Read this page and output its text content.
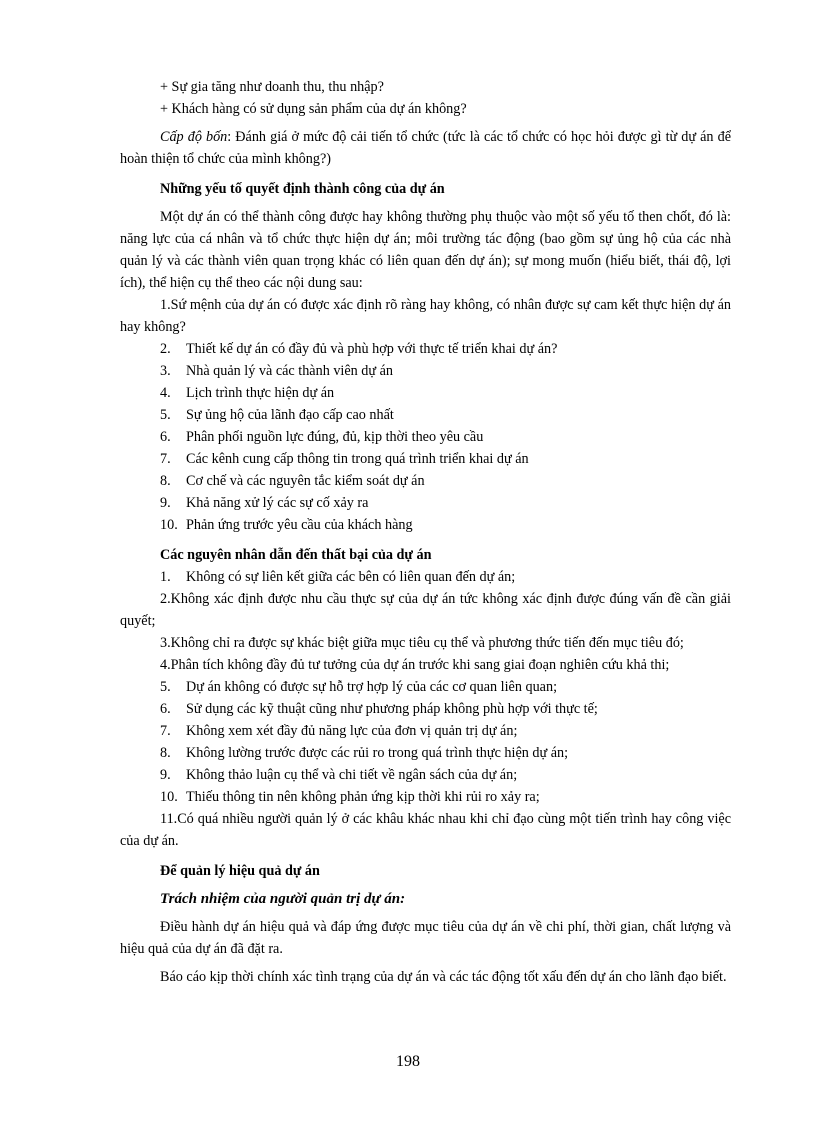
+ Sự gia tăng như doanh thu, thu nhập?

+ Khách hàng có sử dụng sản phẩm của dự án không?

Cấp độ bốn: Đánh giá ở mức độ cải tiến tổ chức (tức là các tổ chức có học hỏi được gì từ dự án để hoàn thiện tổ chức của mình không?)

Những yếu tố quyết định thành công của dự án

Một dự án có thể thành công được hay không thường phụ thuộc vào một số yếu tố then chốt, đó là: năng lực của cá nhân và tổ chức thực hiện dự án; môi trường tác động (bao gồm sự ủng hộ của các nhà quản lý và các thành viên quan trọng khác có liên quan đến dự án); sự mong muốn (hiểu biết, thái độ, lợi ích), thể hiện cụ thể theo các nội dung sau:

1.Sứ mệnh của dự án có được xác định rõ ràng hay không, có nhân được sự cam kết thực hiện dự án hay không?

2. Thiết kế dự án có đầy đủ và phù hợp với thực tế triển khai dự án?

3. Nhà quản lý và các thành viên dự án

4. Lịch trình thực hiện dự án

5. Sự ủng hộ của lãnh đạo cấp cao nhất

6. Phân phối nguồn lực đúng, đủ, kịp thời theo yêu cầu

7. Các kênh cung cấp thông tin trong quá trình triển khai dự án

8. Cơ chế và các nguyên tắc kiểm soát dự án

9. Khả năng xử lý các sự cố xảy ra

10. Phản ứng trước yêu cầu của khách hàng

Các nguyên nhân dẫn đến thất bại của dự án

1. Không có sự liên kết giữa các bên có liên quan đến dự án;

2.Không xác định được nhu cầu thực sự của dự án tức không xác định được đúng vấn đề cần giải quyết;

3.Không chỉ ra được sự khác biệt giữa mục tiêu cụ thể và phương thức tiến đến mục tiêu đó;

4.Phân tích không đầy đủ tư tưởng của dự án trước khi sang giai đoạn nghiên cứu khả thi;

5. Dự án không có được sự hỗ trợ hợp lý của các cơ quan liên quan;

6. Sử dụng các kỹ thuật cũng như phương pháp không phù hợp với thực tế;

7. Không xem xét đầy đủ năng lực của đơn vị quản trị dự án;

8. Không lường trước được các rủi ro trong quá trình thực hiện dự án;

9. Không thảo luận cụ thể và chi tiết về ngân sách của dự án;

10. Thiếu thông tin nên không phản ứng kịp thời khi rủi ro xảy ra;

11.Có quá nhiều người quản lý ở các khâu khác nhau khi chỉ đạo cùng một tiến trình hay công việc của dự án.

Để quản lý hiệu quả dự án

Trách nhiệm của người quản trị dự án:

Điều hành dự án hiệu quả và đáp ứng được mục tiêu của dự án về chi phí, thời gian, chất lượng và hiệu quả của dự án đã đặt ra.

Báo cáo kịp thời chính xác tình trạng của dự án và các tác động tốt xấu đến dự án cho lãnh đạo biết.

198
